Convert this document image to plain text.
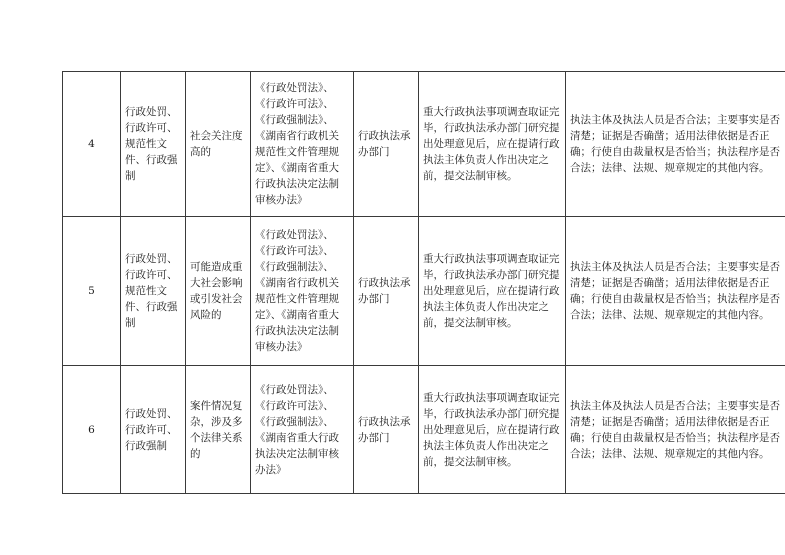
4	行政处罚、行政许可、规范性文件、行政强制	社会关注度高的	《行政处罚法》、《行政许可法》、《行政强制法》、《湖南省行政机关规范性文件管理规定》、《湖南省重大行政执法决定法制审核办法》	行政执法承办部门	重大行政执法事项调查取证完毕，行政执法承办部门研究提出处理意见后，应在提请行政执法主体负责人作出决定之前，提交法制审核。	执法主体及执法人员是否合法；主要事实是否清楚；证据是否确凿；适用法律依据是否正确；行使自由裁量权是否恰当；执法程序是否合法；法律、法规、规章规定的其他内容。
5	行政处罚、行政许可、规范性文件、行政强制	可能造成重大社会影响或引发社会风险的	《行政处罚法》、《行政许可法》、《行政强制法》、《湖南省行政机关规范性文件管理规定》、《湖南省重大行政执法决定法制审核办法》	行政执法承办部门	重大行政执法事项调查取证完毕，行政执法承办部门研究提出处理意见后，应在提请行政执法主体负责人作出决定之前，提交法制审核。	执法主体及执法人员是否合法；主要事实是否清楚；证据是否确凿；适用法律依据是否正确；行使自由裁量权是否恰当；执法程序是否合法；法律、法规、规章规定的其他内容。
6	行政处罚、行政许可、行政强制	案件情况复杂，涉及多个法律关系的	《行政处罚法》、《行政许可法》、《行政强制法》、《湖南省重大行政执法决定法制审核办法》	行政执法承办部门	重大行政执法事项调查取证完毕，行政执法承办部门研究提出处理意见后，应在提请行政执法主体负责人作出决定之前，提交法制审核。	执法主体及执法人员是否合法；主要事实是否清楚；证据是否确凿；适用法律依据是否正确；行使自由裁量权是否恰当；执法程序是否合法；法律、法规、规章规定的其他内容。
